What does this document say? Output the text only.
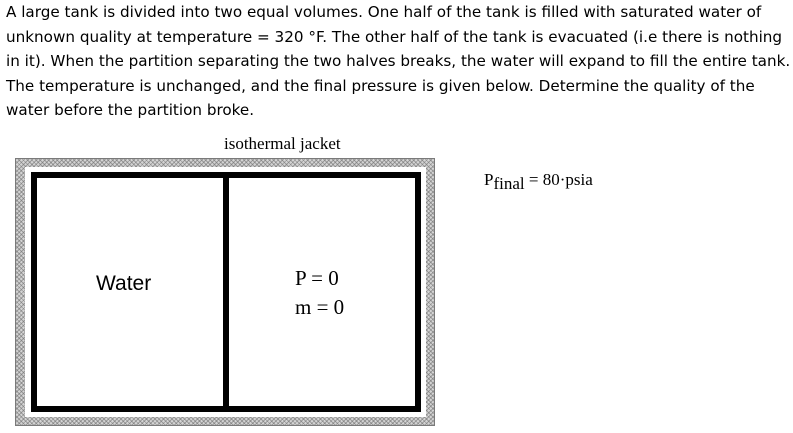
A large tank is divided into two equal volumes. One half of the tank is filled with saturated water of unknown quality at temperature = 320 °F. The other half of the tank is evacuated (i.e there is nothing in it). When the partition separating the two halves breaks, the water will expand to fill the entire tank. The temperature is unchanged, and the final pressure is given below. Determine the quality of the water before the partition broke.

isothermal jacket
Water	P = 0
m = 0
Pfinal = 80·psia
